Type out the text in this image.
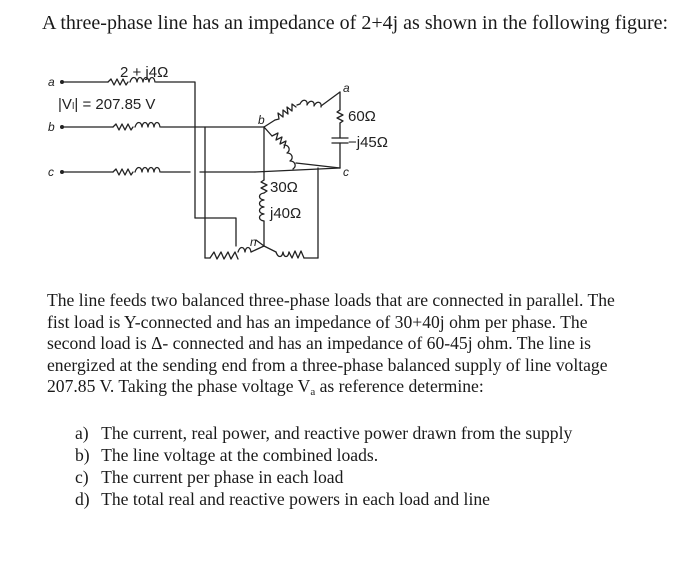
A three-phase line has an impedance of 2+4j as shown in the following figure:
a
b
c
b
a
c
n
2 + j4Ω
|Vₗ| = 207.85 V
60Ω
−j45Ω
30Ω
j40Ω
The line feeds two balanced three-phase loads that are connected in parallel. The
fist load is Y-connected and has an impedance of 30+40j ohm per phase. The
second load is Δ- connected and has an impedance of 60-45j ohm. The line is
energized at the sending end from a three-phase balanced supply of line voltage
207.85 V. Taking the phase voltage $V_a$ as reference determine:
a) The current, real power, and reactive power drawn from the supply
b) The line voltage at the combined loads.
c) The current per phase in each load
d) The total real and reactive powers in each load and line
